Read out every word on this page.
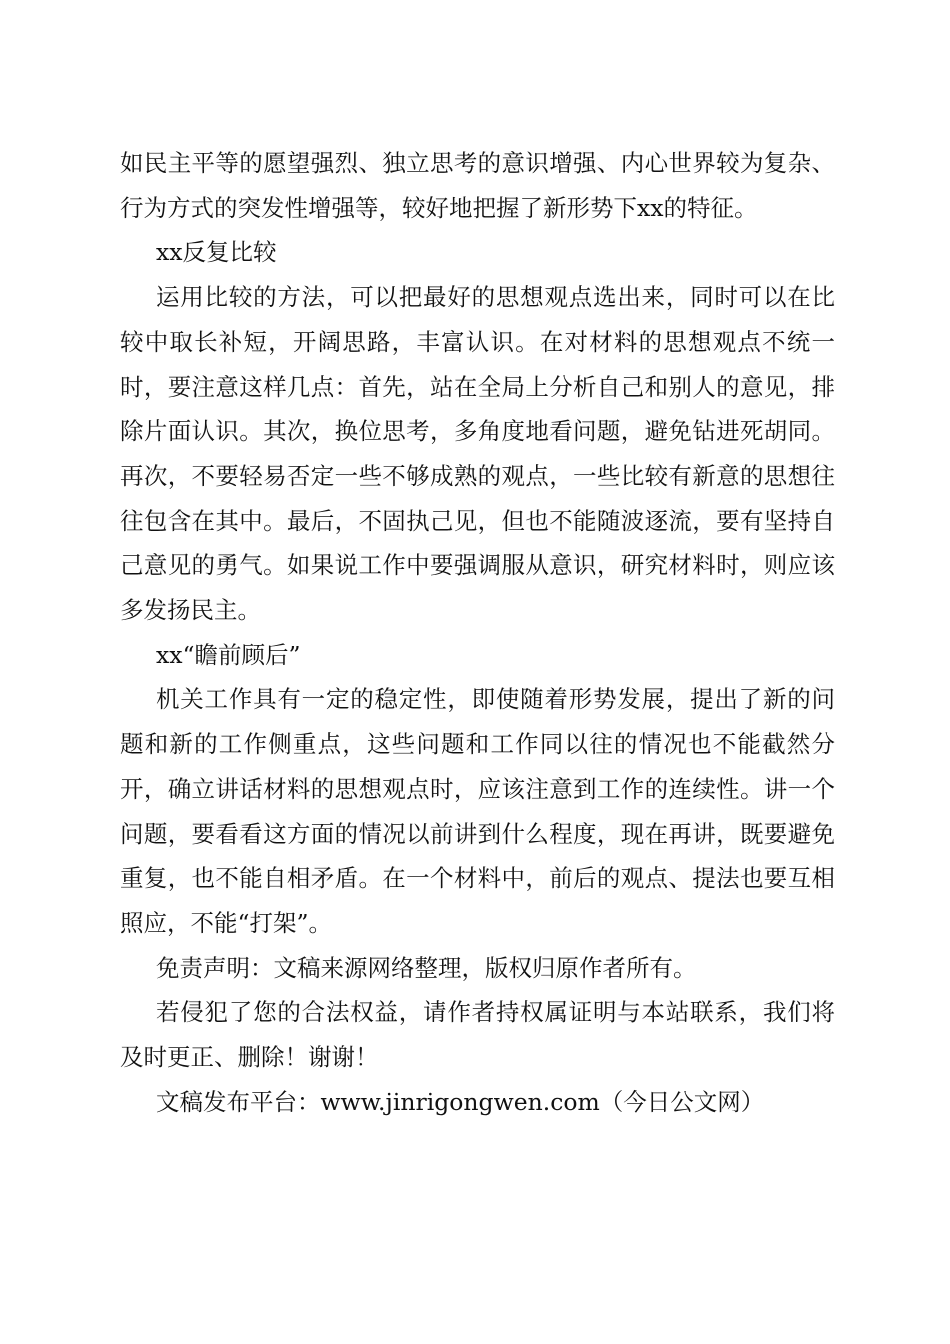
如民主平等的愿望强烈、独立思考的意识增强、内心世界较为复杂、行为方式的突发性增强等，较好地把握了新形势下xx的特征。

xx反复比较

运用比较的方法，可以把最好的思想观点选出来，同时可以在比较中取长补短，开阔思路，丰富认识。在对材料的思想观点不统一时，要注意这样几点：首先，站在全局上分析自己和别人的意见，排除片面认识。其次，换位思考，多角度地看问题，避免钻进死胡同。再次，不要轻易否定一些不够成熟的观点，一些比较有新意的思想往往包含在其中。最后，不固执己见，但也不能随波逐流，要有坚持自己意见的勇气。如果说工作中要强调服从意识，研究材料时，则应该多发扬民主。

xx“瞻前顾后”

机关工作具有一定的稳定性，即使随着形势发展，提出了新的问题和新的工作侧重点，这些问题和工作同以往的情况也不能截然分开，确立讲话材料的思想观点时，应该注意到工作的连续性。讲一个问题，要看看这方面的情况以前讲到什么程度，现在再讲，既要避免重复，也不能自相矛盾。在一个材料中，前后的观点、提法也要互相照应，不能“打架”。

免责声明：文稿来源网络整理，版权归原作者所有。

若侵犯了您的合法权益，请作者持权属证明与本站联系，我们将及时更正、删除！谢谢！

文稿发布平台：www.jinrigongwen.com（今日公文网）
